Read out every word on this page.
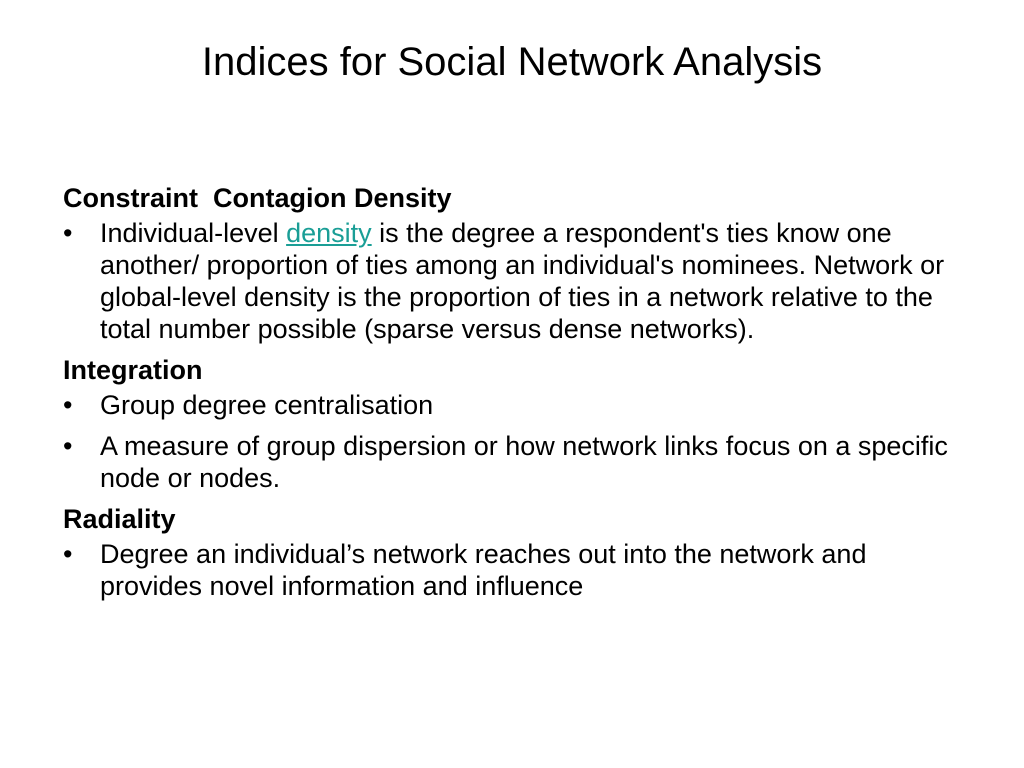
Indices for Social Network Analysis
Constraint  Contagion Density
• Individual-level density is the degree a respondent's ties know one another/ proportion of ties among an individual's nominees. Network or global-level density is the proportion of ties in a network relative to the total number possible (sparse versus dense networks).
Integration
• Group degree centralisation
• A measure of group dispersion or how network links focus on a specific node or nodes.
Radiality
• Degree an individual’s network reaches out into the network and provides novel information and influence
